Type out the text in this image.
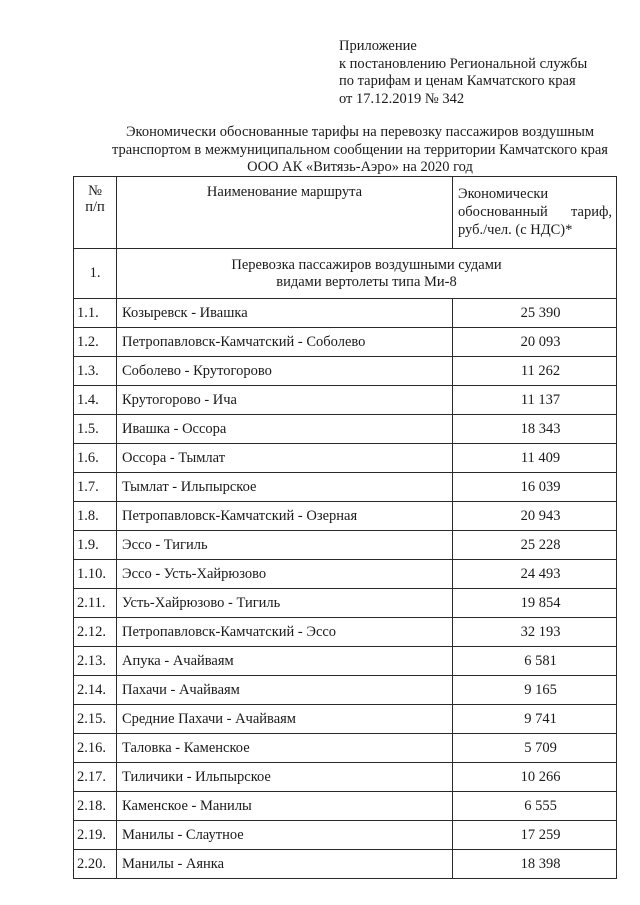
Приложение
к постановлению Региональной службы
по тарифам и ценам Камчатского края
от 17.12.2019 № 342
Экономически обоснованные тарифы на перевозку пассажиров воздушным
транспортом в межмуниципальном сообщении на территории Камчатского края
ООО АК «Витязь-Аэро» на 2020 год
№
п/п	Наименование маршрута	Экономически обоснованный тариф, руб./чел. (с НДС)*
1.	Перевозка пассажиров воздушными судами
видами вертолеты типа Ми-8	

1.1.	Козыревск - Ивашка	25 390
1.2.	Петропавловск-Камчатский - Соболево	20 093
1.3.	Соболево - Крутогорово	11 262
1.4.	Крутогорово - Ича	11 137
1.5.	Ивашка - Оссора	18 343
1.6.	Оссора - Тымлат	11 409
1.7.	Тымлат - Ильпырское	16 039
1.8.	Петропавловск-Камчатский - Озерная	20 943
1.9.	Эссо - Тигиль	25 228
1.10.	Эссо - Усть-Хайрюзово	24 493
2.11.	Усть-Хайрюзово - Тигиль	19 854
2.12.	Петропавловск-Камчатский - Эссо	32 193
2.13.	Апука - Ачайваям	6 581
2.14.	Пахачи - Ачайваям	9 165
2.15.	Средние Пахачи - Ачайваям	9 741
2.16.	Таловка - Каменское	5 709
2.17.	Тиличики - Ильпырское	10 266
2.18.	Каменское - Манилы	6 555
2.19.	Манилы - Слаутное	17 259
2.20.	Манилы - Аянка	18 398
